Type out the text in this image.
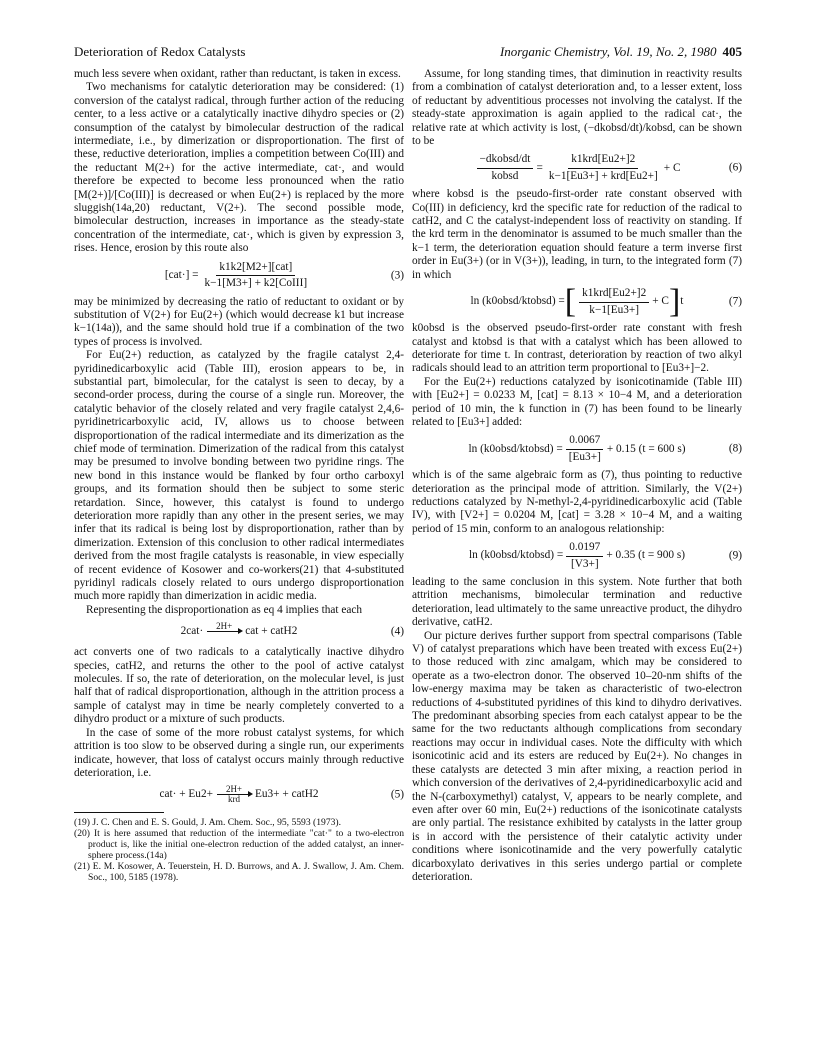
Deterioration of Redox Catalysts	Inorganic Chemistry, Vol. 19, No. 2, 1980 405

much less severe when oxidant, rather than reductant, is taken in excess.

Two mechanisms for catalytic deterioration may be considered: (1) conversion of the catalyst radical, through further action of the reducing center, to a less active or a catalytically inactive dihydro species or (2) consumption of the catalyst by bimolecular destruction of the radical intermediate, i.e., by dimerization or disproportionation. The first of these, reductive deterioration, implies a competition between Co(III) and the reductant M(2+) for the active intermediate, cat·, and would therefore be expected to become less pronounced when the ratio [M(2+)]/[Co(III)] is decreased or when Eu(2+) is replaced by the more sluggish(14a,20) reductant, V(2+). The second possible mode, bimolecular destruction, increases in importance as the steady-state concentration of the intermediate, cat·, which is given by expression 3, rises. Hence, erosion by this route also

$[cat\cdot] = \frac{\text{k1k2[M2+][cat]}}{\text{k−1[M3+] + k2[CoIII]}}$	(3)

may be minimized by decreasing the ratio of reductant to oxidant or by substitution of V(2+) for Eu(2+) (which would decrease k1 but increase k−1(14a)), and the same should hold true if a combination of the two types of process is involved.

For Eu(2+) reduction, as catalyzed by the fragile catalyst 2,4-pyridinedicarboxylic acid (Table III), erosion appears to be, in substantial part, bimolecular, for the catalyst is seen to decay, by a second-order process, during the course of a single run. Moreover, the catalytic behavior of the closely related and very fragile catalyst 2,4,6-pyridinetricarboxylic acid, IV, allows us to choose between disproportionation of the radical intermediate and its dimerization as the chief mode of termination. Dimerization of the radical from this catalyst may be presumed to involve bonding between two pyridine rings. The new bond in this instance would be flanked by four ortho carboxyl groups, and its formation should then be subject to some steric retardation. Since, however, this catalyst is found to undergo deterioration more rapidly than any other in the present series, we may infer that its radical is being lost by disproportionation, rather than by dimerization. Extension of this conclusion to other radical intermediates derived from the most fragile catalysts is reasonable, in view especially of recent evidence of Kosower and co-workers(21) that 4-substituted pyridinyl radicals closely related to ours undergo disproportionation much more rapidly than dimerization in acidic media.

Representing the disproportionation as eq 4 implies that each

2cat· 2H+
cat + catH2	(4)

act converts one of two radicals to a catalytically inactive dihydro species, catH2, and returns the other to the pool of active catalyst molecules. If so, the rate of deterioration, on the molecular level, is just half that of radical disproportionation, although in the attrition process a sample of catalyst may in time be nearly completely converted to a dihydro product or a mixture of such products.

In the case of some of the more robust catalyst systems, for which attrition is too slow to be observed during a single run, our experiments indicate, however, that loss of catalyst occurs mainly through reductive deterioration, i.e.

cat· + Eu2+ 2H+
krd Eu3+ + catH2	(5)

(19) J. C. Chen and E. S. Gould, J. Am. Chem. Soc., 95, 5593 (1973).

(20) It is here assumed that reduction of the intermediate "cat·" to a two-electron product is, like the initial one-electron reduction of the added catalyst, an inner-sphere process.(14a)

(21) E. M. Kosower, A. Teuerstein, H. D. Burrows, and A. J. Swallow, J. Am. Chem. Soc., 100, 5185 (1978).

Assume, for long standing times, that diminution in reactivity results from a combination of catalyst deterioration and, to a lesser extent, loss of reductant by adventitious processes not involving the catalyst. If the steady-state approximation is again applied to the radical cat·, the relative rate at which activity is lost, (−dkobsd/dt)/kobsd, can be shown to be

$\frac{\text{−dkobsd/dt}}{\text{kobsd}} = \frac{\text{k1krd[Eu2+]2}}{\text{k−1[Eu3+] + krd[Eu2+]}} + C$	(6)

where kobsd is the pseudo-first-order rate constant observed with Co(III) in deficiency, krd the specific rate for reduction of the radical to catH2, and C the catalyst-independent loss of reactivity on standing. If the krd term in the denominator is assumed to be much smaller than the k−1 term, the deterioration equation should feature a term inverse first order in Eu(3+) (or in V(3+)), leading, in turn, to the integrated form (7) in which

ln (k0obsd/ktobsd) = [ $\frac{\text{k1krd[Eu2+]2}}{k-1[Eu3+]} + C$ ] t	(7)

k0obsd is the observed pseudo-first-order rate constant with fresh catalyst and ktobsd is that with a catalyst which has been allowed to deteriorate for time t. In contrast, deterioration by reaction of two alkyl radicals should lead to an attrition term proportional to [Eu3+]−2.

For the Eu(2+) reductions catalyzed by isonicotinamide (Table III) with [Eu2+] = 0.0233 M, [cat] = 8.13 × 10−4 M, and a deterioration period of 10 min, the k function in (7) has been found to be linearly related to [Eu3+] added:

ln (k0obsd/ktobsd) = $\frac{0.0067}{[Eu3+]} + 0.15$ (t = 600 s)	(8)

which is of the same algebraic form as (7), thus pointing to reductive deterioration as the principal mode of attrition. Similarly, the V(2+) reductions catalyzed by N-methyl-2,4-pyridinedicarboxylic acid (Table IV), with [V2+] = 0.0204 M, [cat] = 3.28 × 10−4 M, and a waiting period of 15 min, conform to an analogous relationship:

ln (k0obsd/ktobsd) = $\frac{0.0197}{[V3+]} + 0.35$ (t = 900 s)	(9)

leading to the same conclusion in this system. Note further that both attrition mechanisms, bimolecular termination and reductive deterioration, lead ultimately to the same unreactive product, the dihydro derivative, catH2.

Our picture derives further support from spectral comparisons (Table V) of catalyst preparations which have been treated with excess Eu(2+) to those reduced with zinc amalgam, which may be considered to operate as a two-electron donor. The observed 10–20-nm shifts of the low-energy maxima may be taken as characteristic of two-electron reductions of 4-substituted pyridines of this kind to dihydro derivatives. The predominant absorbing species from each catalyst appear to be the same for the two reductants although complications from secondary reactions may occur in individual cases. Note the difficulty with which isonicotinic acid and its esters are reduced by Eu(2+). No changes in these catalysts are detected 3 min after mixing, a reaction period in which conversion of the derivatives of 2,4-pyridinedicarboxylic acid and the N-(carboxymethyl) catalyst, V, appears to be nearly complete, and even after over 60 min, Eu(2+) reductions of the isonicotinate catalysts are only partial. The resistance exhibited by catalysts in the latter group is in accord with the persistence of their catalytic activity under conditions where isonicotinamide and the very powerfully catalytic dicarboxylato derivatives in this series undergo partial or complete deterioration.
